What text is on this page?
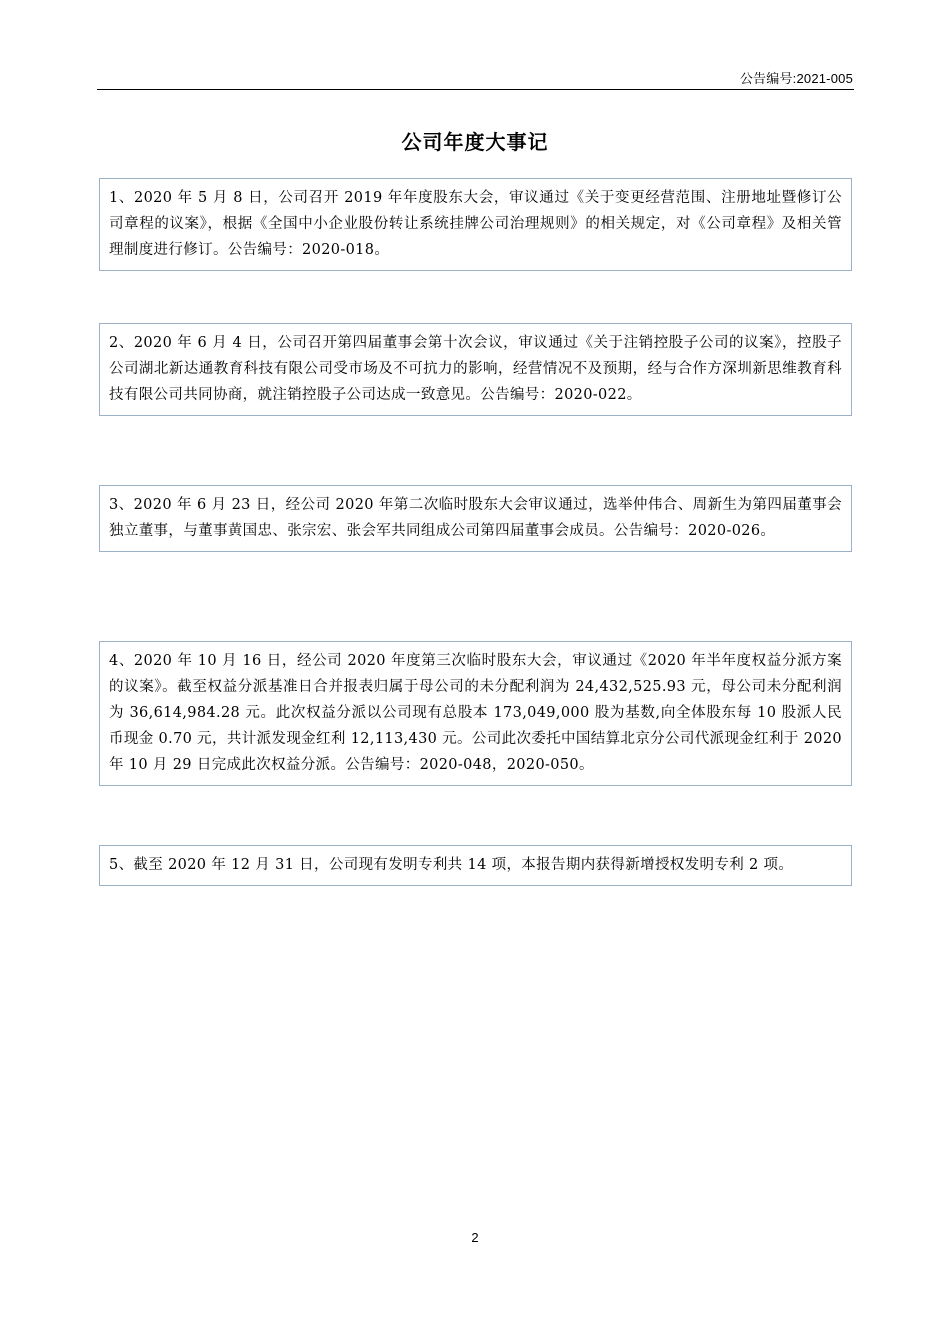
公告编号:2021-005
公司年度大事记
1、2020 年 5 月 8 日，公司召开 2019 年年度股东大会，审议通过《关于变更经营范围、注册地址暨修订公司章程的议案》，根据《全国中小企业股份转让系统挂牌公司治理规则》的相关规定，对《公司章程》及相关管理制度进行修订。公告编号：2020-018。
2、2020 年 6 月 4 日，公司召开第四届董事会第十次会议，审议通过《关于注销控股子公司的议案》，控股子公司湖北新达通教育科技有限公司受市场及不可抗力的影响，经营情况不及预期，经与合作方深圳新思维教育科技有限公司共同协商，就注销控股子公司达成一致意见。公告编号：2020-022。
3、2020 年 6 月 23 日，经公司 2020 年第二次临时股东大会审议通过，选举仲伟合、周新生为第四届董事会独立董事，与董事黄国忠、张宗宏、张会军共同组成公司第四届董事会成员。公告编号：2020-026。
4、2020 年 10 月 16 日，经公司 2020 年度第三次临时股东大会，审议通过《2020 年半年度权益分派方案的议案》。截至权益分派基准日合并报表归属于母公司的未分配利润为 24,432,525.93 元，母公司未分配利润为 36,614,984.28 元。此次权益分派以公司现有总股本 173,049,000 股为基数,向全体股东每 10 股派人民币现金 0.70 元，共计派发现金红利 12,113,430 元。公司此次委托中国结算北京分公司代派现金红利于 2020 年 10 月 29 日完成此次权益分派。公告编号：2020-048，2020-050。
5、截至 2020 年 12 月 31 日，公司现有发明专利共 14 项，本报告期内获得新增授权发明专利 2 项。
2
